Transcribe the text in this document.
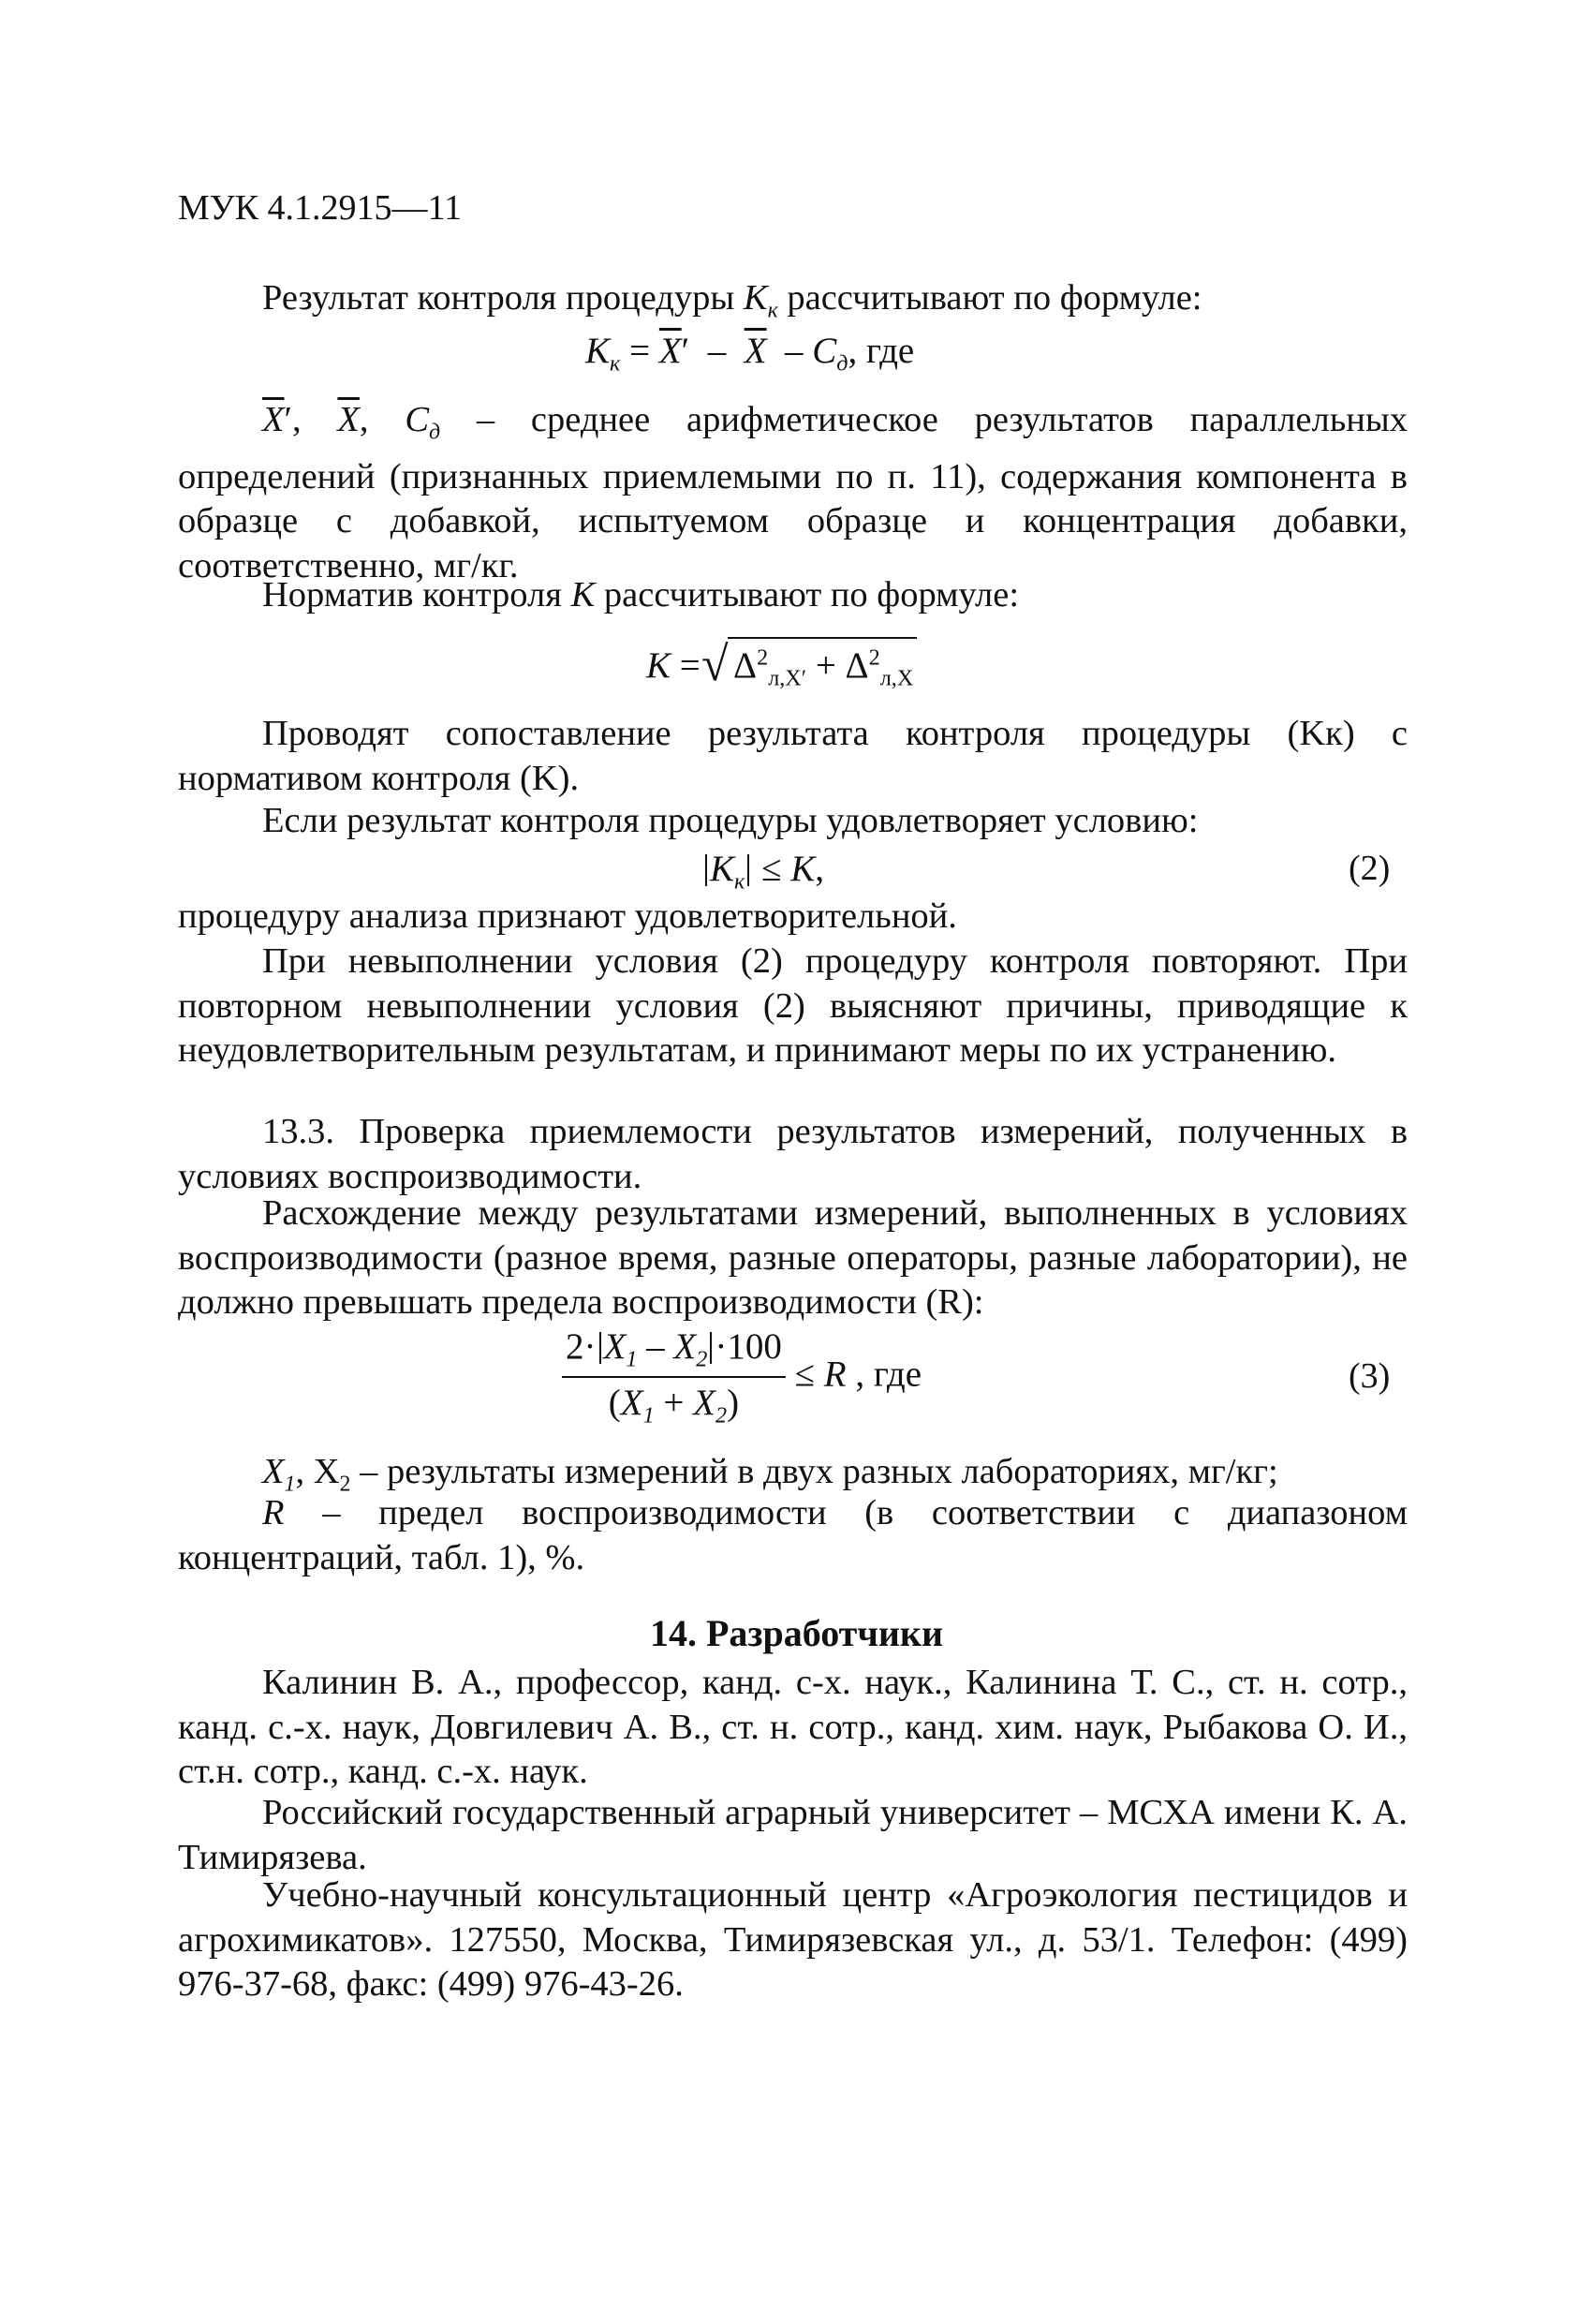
МУК 4.1.2915—11
Результат контроля процедуры $K_к$ рассчитывают по формуле:
$K_к = \overline{X}' - \overline{X} - C_д$, где
$\overline{X}'$, $\overline{X}$, $C_д$ – среднее арифметическое результатов параллельных определений (признанных приемлемыми по п. 11), содержания компонента в образце с добавкой, испытуемом образце и концентрация добавки, соответственно, мг/кг.
Норматив контроля K рассчитывают по формуле:
K =   √ $\Delta^2_{л,X'} + \Delta^2_{л,X}$
Проводят сопоставление результата контроля процедуры (Kк) с нормативом контроля (K).
Если результат контроля процедуры удовлетворяет условию:
$K_к \le K$,	(2)
процедуру анализа признают удовлетворительной.
При невыполнении условия (2) процедуру контроля повторяют. При повторном невыполнении условия (2) выясняют причины, приводящие к неудовлетворительным результатам, и принимают меры по их устранению.
13.3. Проверка приемлемости результатов измерений, полученных в условиях воспроизводимости.
Расхождение между результатами измерений, выполненных в условиях воспроизводимости (разное время, разные операторы, разные лаборатории), не должно превышать предела воспроизводимости (R):
$\frac{2\cdot X_1 - X_2 \cdot 100}{(X_1 + X_2)} \le R$ , где	(3)
$X_1$, $X_2$ – результаты измерений в двух разных лабораториях, мг/кг;
R – предел воспроизводимости (в соответствии с диапазоном концентраций, табл. 1), %.
14. Разработчики
Калинин В. А., профессор, канд. с-х. наук., Калинина Т. С., ст. н. сотр., канд. с.-х. наук, Довгилевич А. В., ст. н. сотр., канд. хим. наук, Рыбакова О. И., ст.н. сотр., канд. с.-х. наук.
Российский государственный аграрный университет – МСХА имени К. А. Тимирязева.
Учебно-научный консультационный центр «Агроэкология пестицидов и агрохимикатов». 127550, Москва, Тимирязевская ул., д. 53/1. Телефон: (499) 976-37-68, факс: (499) 976-43-26.
